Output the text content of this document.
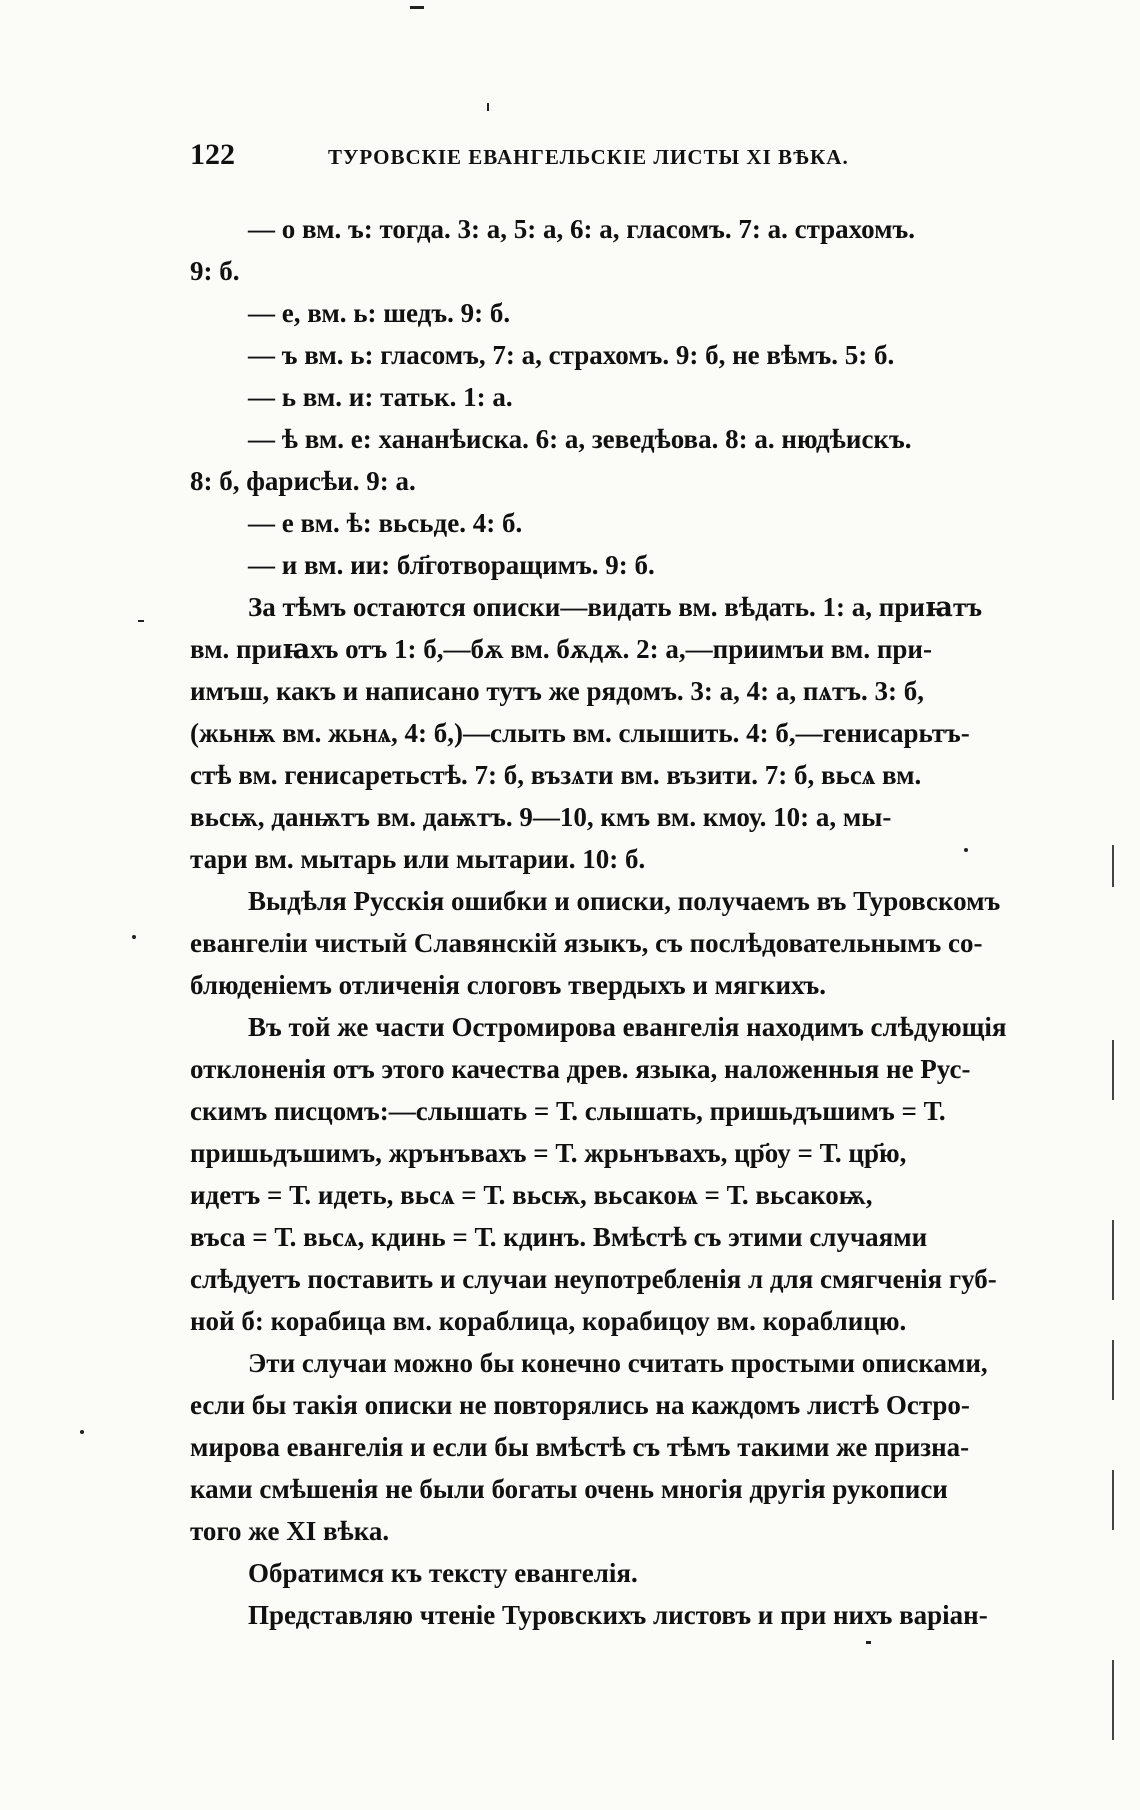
122	ТУРОВСКІЕ ЕВАНГЕЛЬСКІЕ ЛИСТЫ XI ВѢКА.
— о вм. ъ: тогда. 3: а, 5: а, 6: а, гласомъ. 7: а. страхомъ.
9: б.
— е, вм. ь: шедъ. 9: б.
— ъ вм. ь: гласомъ, 7: а, страхомъ. 9: б, не вѣмъ. 5: б.
— ь вм. и: татьк. 1: а.
— ѣ вм. е: хананѣиска. 6: а, зеведѣова. 8: а. нюдѣискъ.
8: б, фарисѣи. 9: а.
— е вм. ѣ: вьсьде. 4: б.
— и вм. ии: бл҃готворащимъ. 9: б.
За тѣмъ остаются описки—видать вм. вѣдать. 1: а, приꙗтъ
вм. приꙗхъ отъ 1: б,—бѫ вм. бѫдѫ. 2: а,—приимъи вм. при-
имъш, какъ и написано тутъ же рядомъ. 3: а, 4: а, пѧтъ. 3: б,
(жьнѭ вм. жьнѧ, 4: б,)—слыть вм. слышить. 4: б,—генисарьтъ-
стѣ вм. генисаретьстѣ. 7: б, възѧти вм. възити. 7: б, вьсѧ вм.
вьсѭ, данѭтъ вм. даѭтъ. 9—10, кмъ вм. кмоу. 10: а, мы-
тари вм. мытарь или мытарии. 10: б.
Выдѣля Русскія ошибки и описки, получаемъ въ Туровскомъ
евангеліи чистый Славянскій языкъ, съ послѣдовательнымъ со-
блюденіемъ отличенія слоговъ твердыхъ и мягкихъ.
Въ той же части Остромирова евангелія находимъ слѣдующія
отклоненія отъ этого качества древ. языка, наложенныя не Рус-
скимъ писцомъ:—слышать = Т. слышать, пришьдъшимъ = Т.
пришьдъшимъ, жрънъвахъ = Т. жрьнъвахъ, цр҃оу = Т. цр҃ю,
идетъ = Т. идеть, вьсѧ = Т. вьсѭ, вьсакоѩ = Т. вьсакоѭ,
въса = Т. вьсѧ, кдинь = Т. кдинъ. Вмѣстѣ съ этими случаями
слѣдуетъ поставить и случаи неупотребленія л для смягченія губ-
ной б: корабица вм. кораблица, корабицоу вм. кораблицю.
Эти случаи можно бы конечно считать простыми описками,
если бы такія описки не повторялись на каждомъ листѣ Остро-
мирова евангелія и если бы вмѣстѣ съ тѣмъ такими же призна-
ками смѣшенія не были богаты очень многія другія рукописи
того же XI вѣка.
Обратимся къ тексту евангелія.
Представляю чтеніе Туровскихъ листовъ и при нихъ варіан-
